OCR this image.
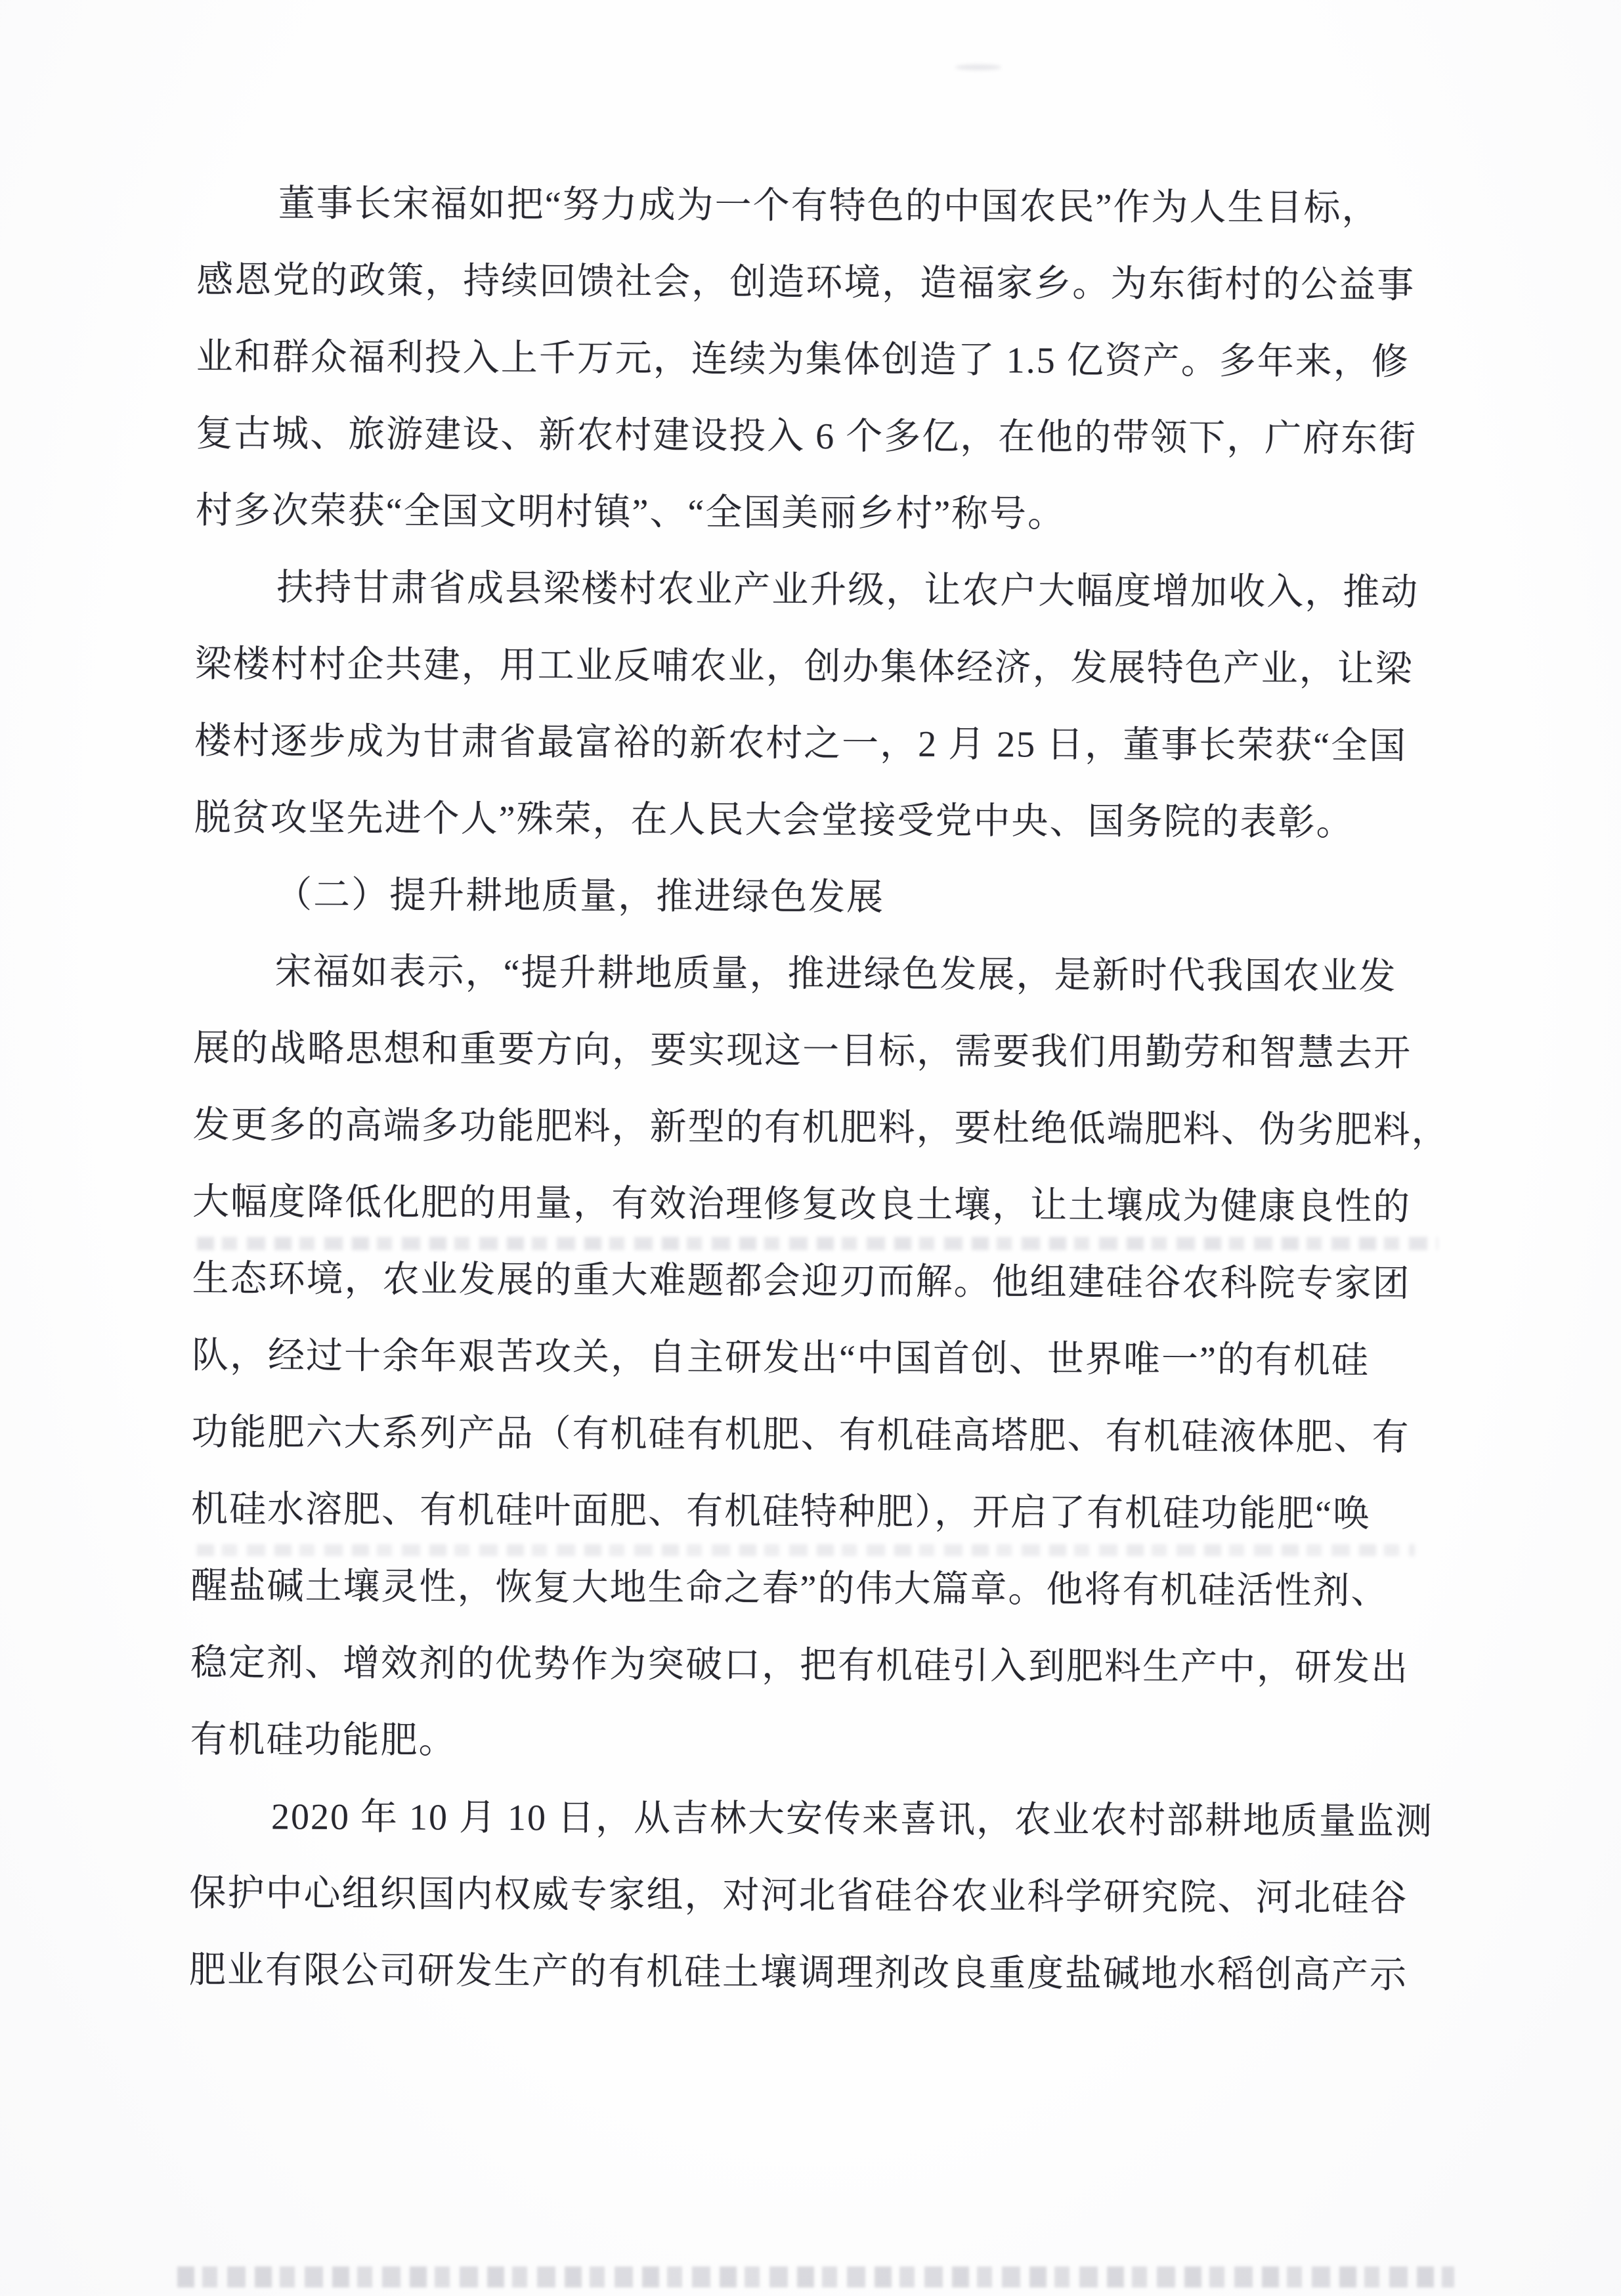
董事长宋福如把“努力成为一个有特色的中国农民”作为人生目标，
感恩党的政策，持续回馈社会，创造环境，造福家乡。为东街村的公益事
业和群众福利投入上千万元，连续为集体创造了 1.5 亿资产。多年来，修
复古城、旅游建设、新农村建设投入 6 个多亿，在他的带领下，广府东街
村多次荣获“全国文明村镇”、“全国美丽乡村”称号。
扶持甘肃省成县梁楼村农业产业升级，让农户大幅度增加收入，推动
梁楼村村企共建，用工业反哺农业，创办集体经济，发展特色产业，让梁
楼村逐步成为甘肃省最富裕的新农村之一，2 月 25 日，董事长荣获“全国
脱贫攻坚先进个人”殊荣，在人民大会堂接受党中央、国务院的表彰。
（二）提升耕地质量，推进绿色发展
宋福如表示，“提升耕地质量，推进绿色发展，是新时代我国农业发
展的战略思想和重要方向，要实现这一目标，需要我们用勤劳和智慧去开
发更多的高端多功能肥料，新型的有机肥料，要杜绝低端肥料、伪劣肥料，
大幅度降低化肥的用量，有效治理修复改良土壤，让土壤成为健康良性的
生态环境，农业发展的重大难题都会迎刃而解。他组建硅谷农科院专家团
队，经过十余年艰苦攻关，自主研发出“中国首创、世界唯一”的有机硅
功能肥六大系列产品（有机硅有机肥、有机硅高塔肥、有机硅液体肥、有
机硅水溶肥、有机硅叶面肥、有机硅特种肥），开启了有机硅功能肥“唤
醒盐碱土壤灵性，恢复大地生命之春”的伟大篇章。他将有机硅活性剂、
稳定剂、增效剂的优势作为突破口，把有机硅引入到肥料生产中，研发出
有机硅功能肥。
2020 年 10 月 10 日，从吉林大安传来喜讯，农业农村部耕地质量监测
保护中心组织国内权威专家组，对河北省硅谷农业科学研究院、河北硅谷
肥业有限公司研发生产的有机硅土壤调理剂改良重度盐碱地水稻创高产示
